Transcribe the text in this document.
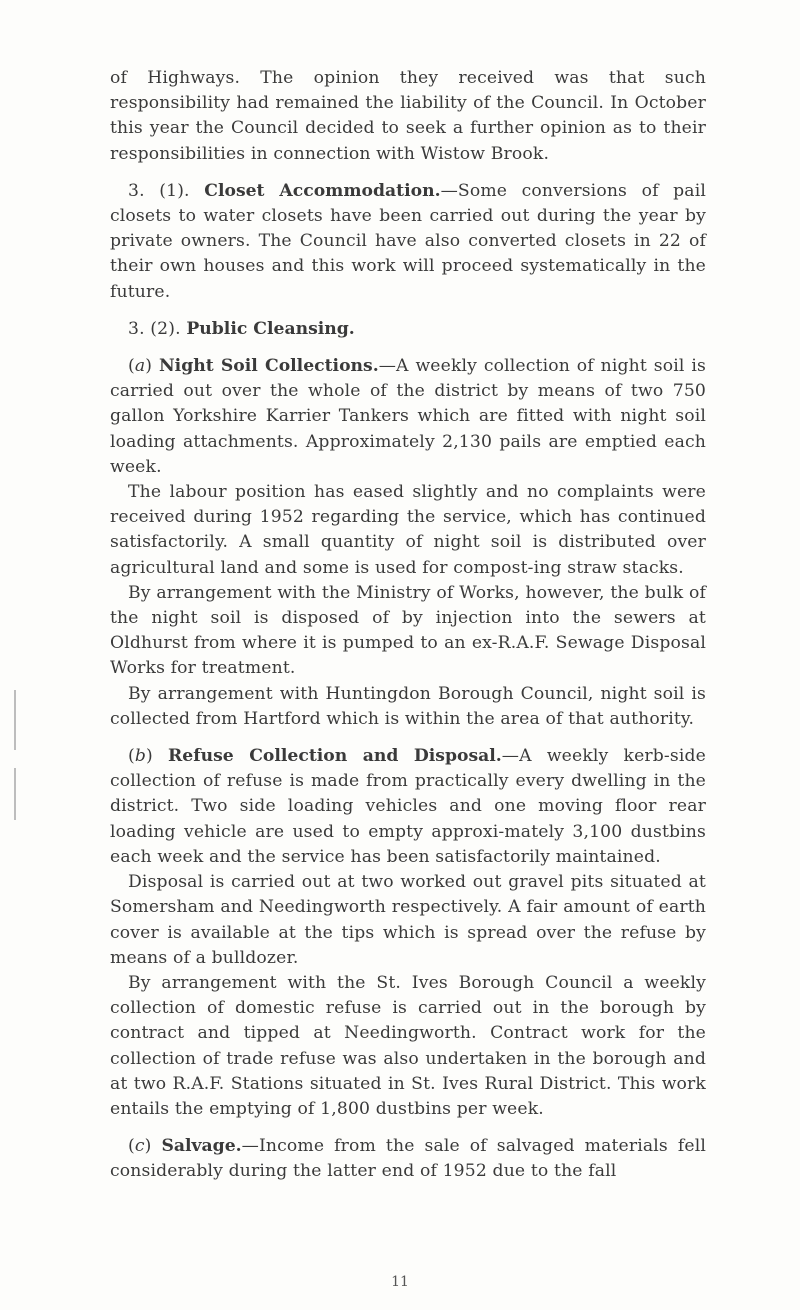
of Highways. The opinion they received was that such responsibility had remained the liability of the Council. In October this year the Council decided to seek a further opinion as to their responsibilities in connection with Wistow Brook.

3. (1). Closet Accommodation.—Some conversions of pail closets to water closets have been carried out during the year by private owners. The Council have also converted closets in 22 of their own houses and this work will proceed systematically in the future.

3. (2). Public Cleansing.

(a) Night Soil Collections.—A weekly collection of night soil is carried out over the whole of the district by means of two 750 gallon Yorkshire Karrier Tankers which are fitted with night soil loading attachments. Approximately 2,130 pails are emptied each week.

The labour position has eased slightly and no complaints were received during 1952 regarding the service, which has continued satisfactorily. A small quantity of night soil is distributed over agricultural land and some is used for compost-ing straw stacks.

By arrangement with the Ministry of Works, however, the bulk of the night soil is disposed of by injection into the sewers at Oldhurst from where it is pumped to an ex-R.A.F. Sewage Disposal Works for treatment.

By arrangement with Huntingdon Borough Council, night soil is collected from Hartford which is within the area of that authority.

(b) Refuse Collection and Disposal.—A weekly kerb-side collection of refuse is made from practically every dwelling in the district. Two side loading vehicles and one moving floor rear loading vehicle are used to empty approxi-mately 3,100 dustbins each week and the service has been satisfactorily maintained.

Disposal is carried out at two worked out gravel pits situated at Somersham and Needingworth respectively. A fair amount of earth cover is available at the tips which is spread over the refuse by means of a bulldozer.

By arrangement with the St. Ives Borough Council a weekly collection of domestic refuse is carried out in the borough by contract and tipped at Needingworth. Contract work for the collection of trade refuse was also undertaken in the borough and at two R.A.F. Stations situated in St. Ives Rural District. This work entails the emptying of 1,800 dustbins per week.

(c) Salvage.—Income from the sale of salvaged materials fell considerably during the latter end of 1952 due to the fall

11
